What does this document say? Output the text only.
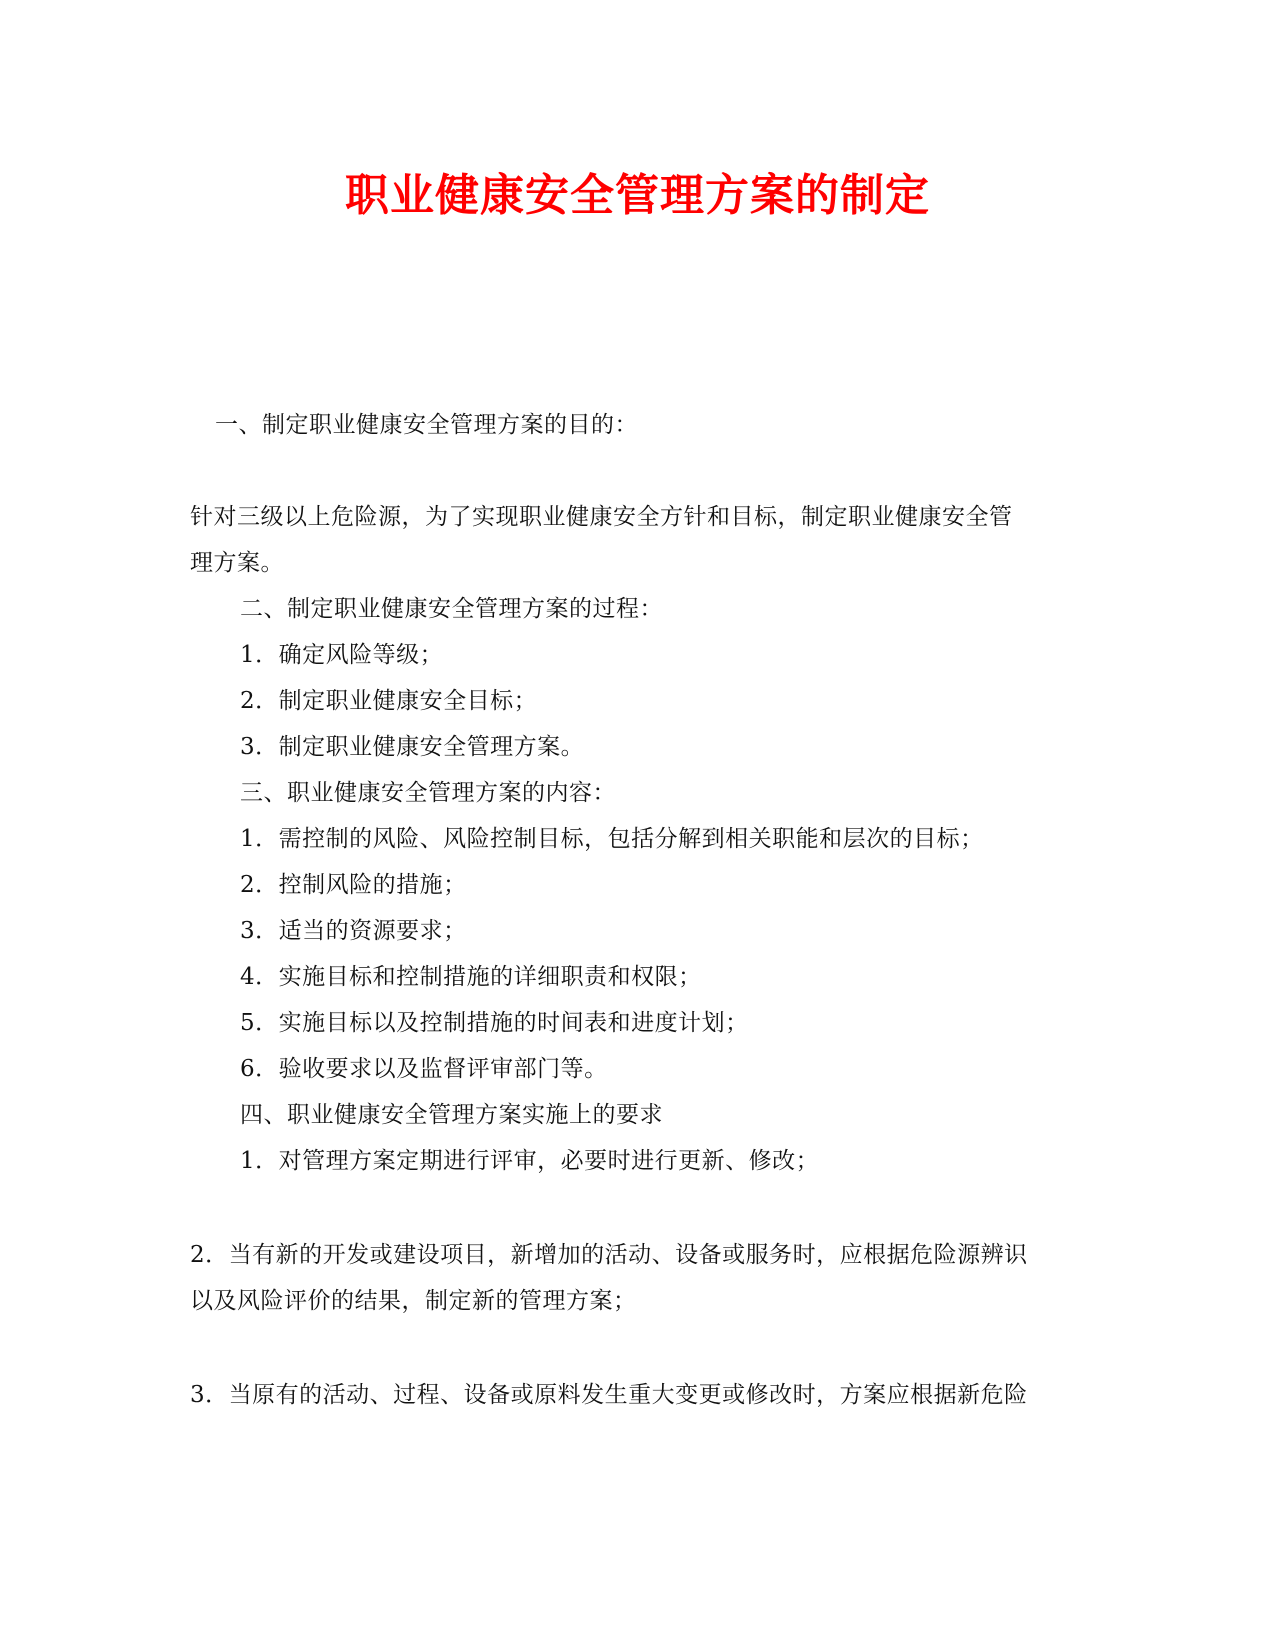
职业健康安全管理方案的制定
一、制定职业健康安全管理方案的目的：
针对三级以上危险源，为了实现职业健康安全方针和目标，制定职业健康安全管
理方案。
二、制定职业健康安全管理方案的过程：
1．确定风险等级；
2．制定职业健康安全目标；
3．制定职业健康安全管理方案。
三、职业健康安全管理方案的内容：
1．需控制的风险、风险控制目标，包括分解到相关职能和层次的目标；
2．控制风险的措施；
3．适当的资源要求；
4．实施目标和控制措施的详细职责和权限；
5．实施目标以及控制措施的时间表和进度计划；
6．验收要求以及监督评审部门等。
四、职业健康安全管理方案实施上的要求
1．对管理方案定期进行评审，必要时进行更新、修改；
2．当有新的开发或建设项目，新增加的活动、设备或服务时，应根据危险源辨识
以及风险评价的结果，制定新的管理方案；
3．当原有的活动、过程、设备或原料发生重大变更或修改时，方案应根据新危险
